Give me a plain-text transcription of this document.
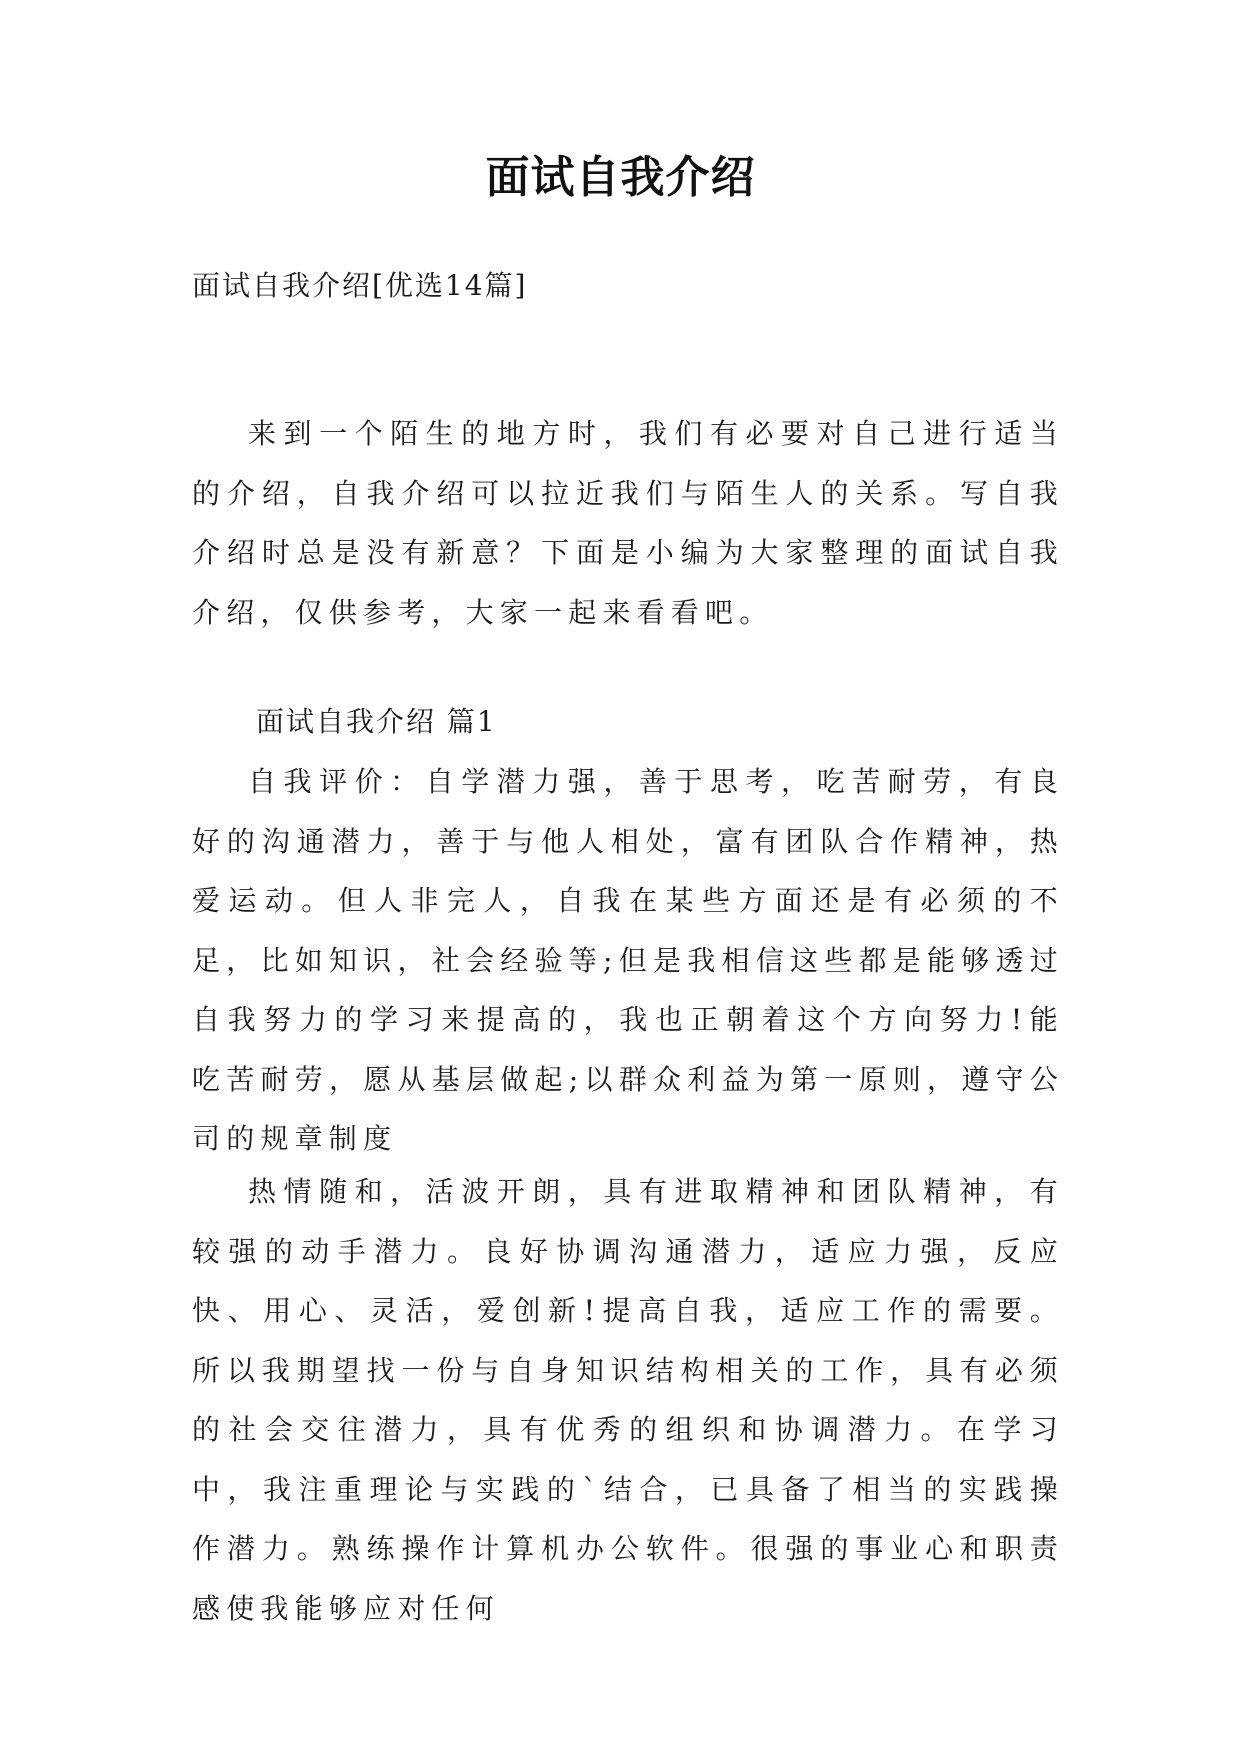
面试自我介绍
面试自我介绍[优选14篇]
来到一个陌生的地方时，我们有必要对自己进行适当的介绍，自我介绍可以拉近我们与陌生人的关系。写自我介绍时总是没有新意？下面是小编为大家整理的面试自我介绍，仅供参考，大家一起来看看吧。
面试自我介绍 篇1
自我评价：自学潜力强，善于思考，吃苦耐劳，有良好的沟通潜力，善于与他人相处，富有团队合作精神，热爱运动。但人非完人，自我在某些方面还是有必须的不足，比如知识，社会经验等;但是我相信这些都是能够透过自我努力的学习来提高的，我也正朝着这个方向努力!能吃苦耐劳，愿从基层做起;以群众利益为第一原则，遵守公司的规章制度
热情随和，活波开朗，具有进取精神和团队精神，有较强的动手潜力。良好协调沟通潜力，适应力强，反应快、用心、灵活，爱创新!提高自我，适应工作的需要。所以我期望找一份与自身知识结构相关的工作，具有必须的社会交往潜力，具有优秀的组织和协调潜力。在学习中，我注重理论与实践的`结合，已具备了相当的实践操作潜力。熟练操作计算机办公软件。很强的事业心和职责感使我能够应对任何
